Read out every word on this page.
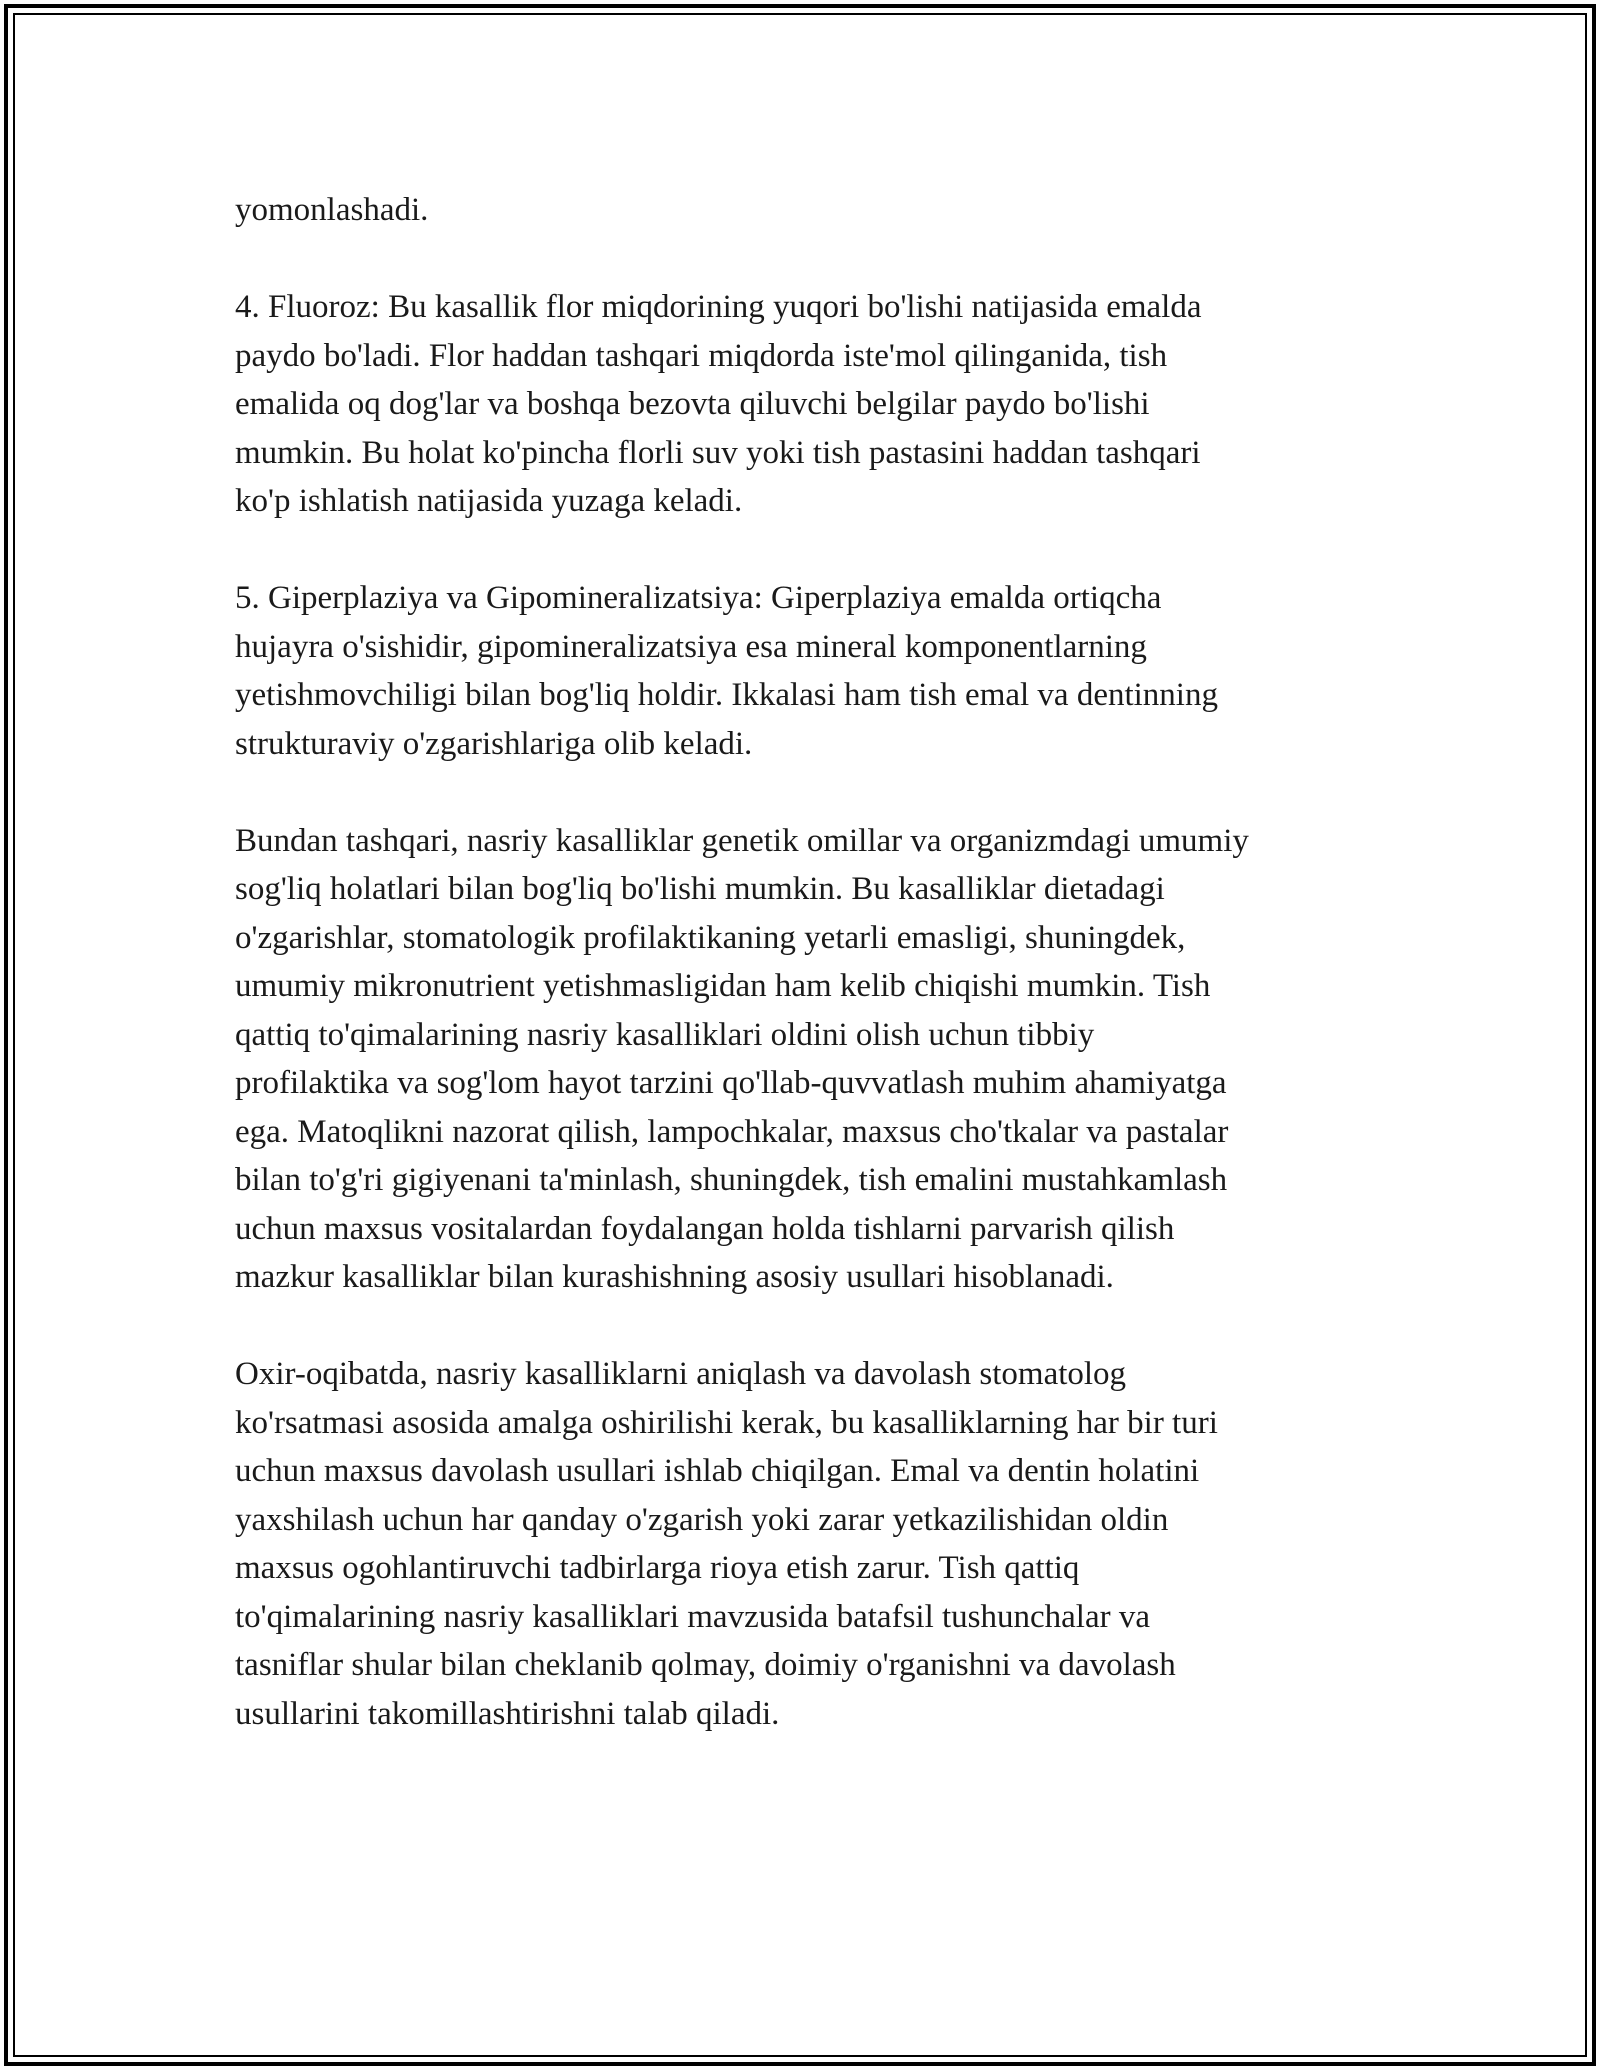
yomonlashadi.

4. Fluoroz: Bu kasallik flor miqdorining yuqori bo'lishi natijasida emalda
paydo bo'ladi. Flor haddan tashqari miqdorda iste'mol qilinganida, tish
emalida oq dog'lar va boshqa bezovta qiluvchi belgilar paydo bo'lishi
mumkin. Bu holat ko'pincha florli suv yoki tish pastasini haddan tashqari
ko'p ishlatish natijasida yuzaga keladi.

5. Giperplaziya va Gipomineralizatsiya: Giperplaziya emalda ortiqcha
hujayra o'sishidir, gipomineralizatsiya esa mineral komponentlarning
yetishmovchiligi bilan bog'liq holdir. Ikkalasi ham tish emal va dentinning
strukturaviy o'zgarishlariga olib keladi.

Bundan tashqari, nasriy kasalliklar genetik omillar va organizmdagi umumiy
sog'liq holatlari bilan bog'liq bo'lishi mumkin. Bu kasalliklar dietadagi
o'zgarishlar, stomatologik profilaktikaning yetarli emasligi, shuningdek,
umumiy mikronutrient yetishmasligidan ham kelib chiqishi mumkin. Tish
qattiq to'qimalarining nasriy kasalliklari oldini olish uchun tibbiy
profilaktika va sog'lom hayot tarzini qo'llab-quvvatlash muhim ahamiyatga
ega. Matoqlikni nazorat qilish, lampochkalar, maxsus cho'tkalar va pastalar
bilan to'g'ri gigiyenani ta'minlash, shuningdek, tish emalini mustahkamlash
uchun maxsus vositalardan foydalangan holda tishlarni parvarish qilish
mazkur kasalliklar bilan kurashishning asosiy usullari hisoblanadi.

Oxir-oqibatda, nasriy kasalliklarni aniqlash va davolash stomatolog
ko'rsatmasi asosida amalga oshirilishi kerak, bu kasalliklarning har bir turi
uchun maxsus davolash usullari ishlab chiqilgan. Emal va dentin holatini
yaxshilash uchun har qanday o'zgarish yoki zarar yetkazilishidan oldin
maxsus ogohlantiruvchi tadbirlarga rioya etish zarur. Tish qattiq
to'qimalarining nasriy kasalliklari mavzusida batafsil tushunchalar va
tasniflar shular bilan cheklanib qolmay, doimiy o'rganishni va davolash
usullarini takomillashtirishni talab qiladi.
